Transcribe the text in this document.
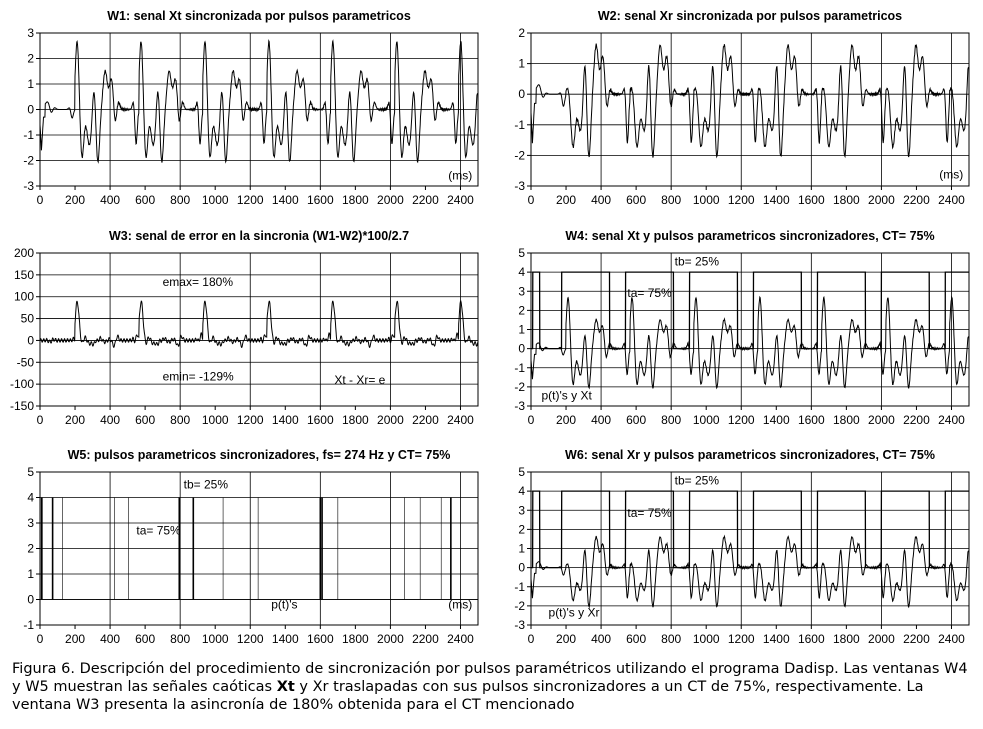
W1: senal Xt sincronizada por pulsos parametricos
-3
-2
-1
0
1
2
3
0 200 400 600 800 1000 1200 1400 1600 1800 2000 2200 2400
(ms)
W2: senal Xr sincronizada por pulsos parametricos
-3
-2
-1
0
1
2
0 200 400 600 800 1000 1200 1400 1600 1800 2000 2200 2400
(ms)
W3: senal de error en la sincronia (W1-W2)*100/2.7
-150
-100
-50
0
50
100
150
200
0 200 400 600 800 1000 1200 1400 1600 1800 2000 2200 2400
emax= 180%
emin= -129%	Xt - Xr= e
W4: senal Xt y pulsos parametricos sincronizadores, CT= 75%
-3
-2
-1
0
1
2
3
4
5
0 200 400 600 800 1000 1200 1400 1600 1800 2000 2200 2400
tb= 25%
ta= 75%
p(t)'s y Xt
W5: pulsos parametricos sincronizadores, fs= 274 Hz y CT= 75%
-1
0
1
2
3
4
5
0 200 400 600 800 1000 1200 1400 1600 1800 2000 2200 2400
tb= 25%
ta= 75%
p(t)'s	(ms)
W6: senal Xr y pulsos parametricos sincronizadores, CT= 75%
-3
-2
-1
0
1
2
3
4
5
0 200 400 600 800 1000 1200 1400 1600 1800 2000 2200 2400
tb= 25%
ta= 75%
p(t)'s y Xr
Figura 6. Descripción del procedimiento de sincronización por pulsos paramétricos utilizando el programa Dadisp. Las ventanas W4 y W5 muestran las señales caóticas Xt y Xr traslapadas con sus pulsos sincronizadores a un CT de 75%, respectivamente. La ventana W3 presenta la asincronía de 180% obtenida para el CT mencionado
